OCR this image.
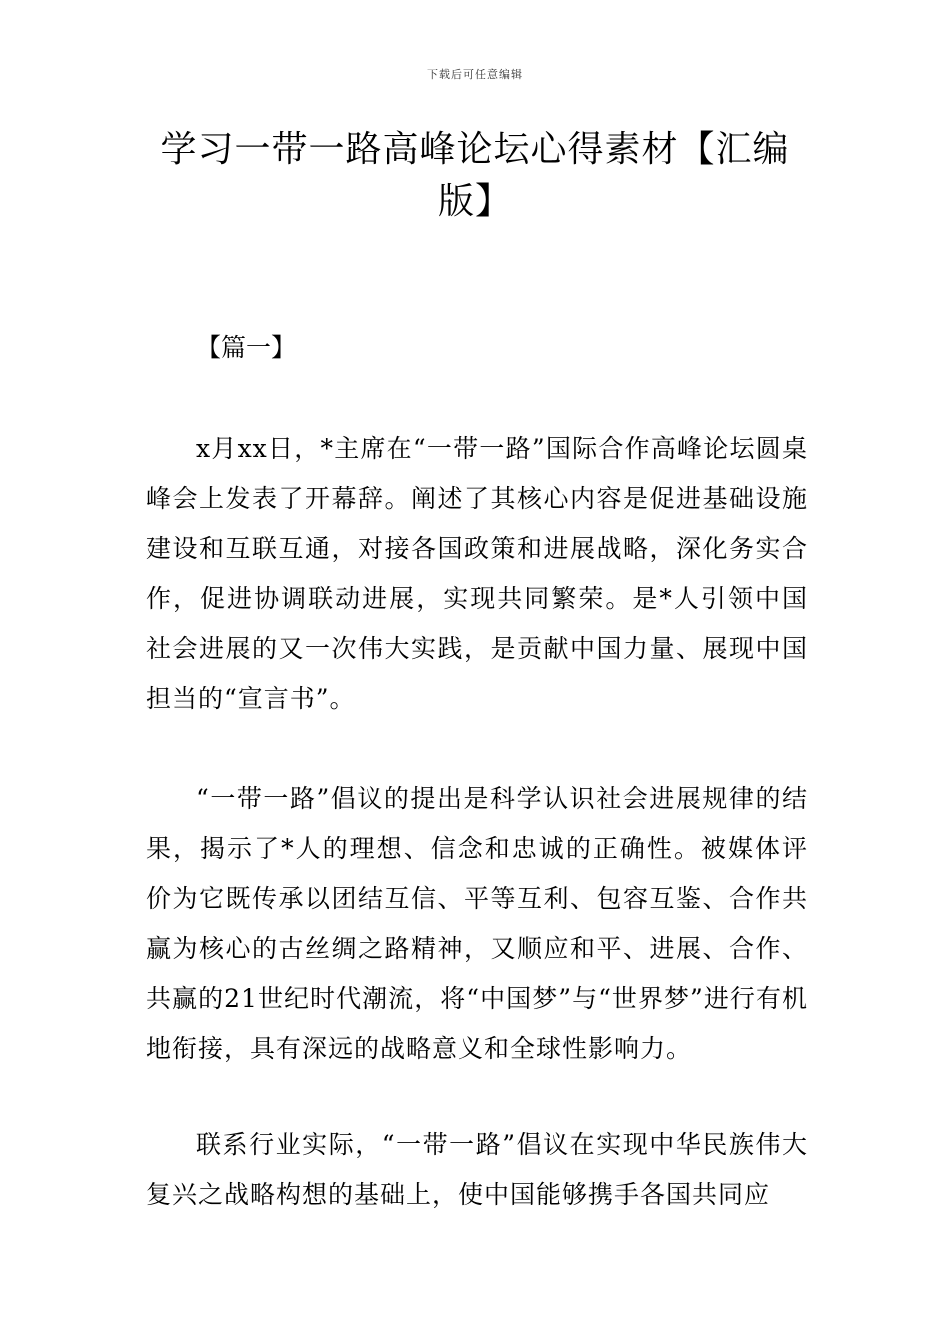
下载后可任意编辑
学习一带一路高峰论坛心得素材【汇编版】
【篇一】

x月xx日，*主席在“一带一路”国际合作高峰论坛圆桌峰会上发表了开幕辞。阐述了其核心内容是促进基础设施建设和互联互通，对接各国政策和进展战略，深化务实合作，促进协调联动进展，实现共同繁荣。是*人引领中国社会进展的又一次伟大实践，是贡献中国力量、展现中国担当的“宣言书”。

“一带一路”倡议的提出是科学认识社会进展规律的结果，揭示了*人的理想、信念和忠诚的正确性。被媒体评价为它既传承以团结互信、平等互利、包容互鉴、合作共赢为核心的古丝绸之路精神，又顺应和平、进展、合作、共赢的21世纪时代潮流，将“中国梦”与“世界梦”进行有机地衔接，具有深远的战略意义和全球性影响力。

联系行业实际，“一带一路”倡议在实现中华民族伟大复兴之战略构想的基础上，使中国能够携手各国共同应
